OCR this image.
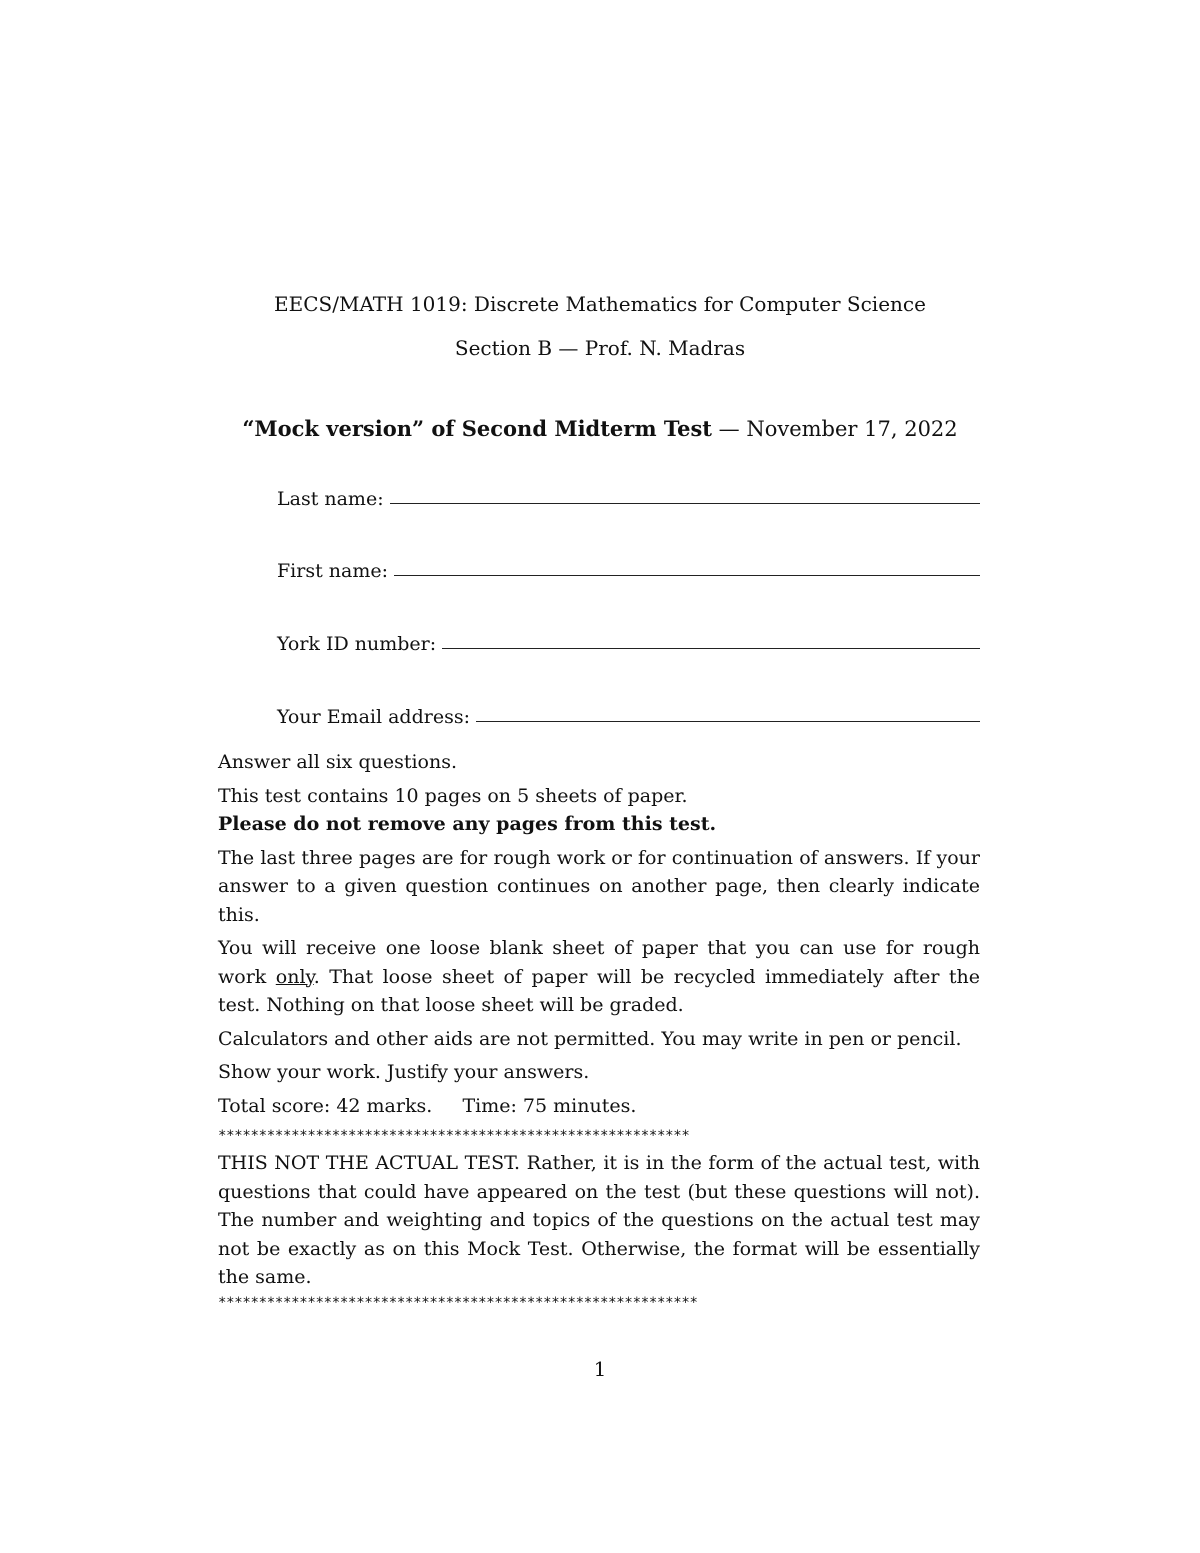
EECS/MATH 1019: Discrete Mathematics for Computer Science
Section B — Prof. N. Madras
“Mock version” of Second Midterm Test — November 17, 2022
Last name:
First name:
York ID number:
Your Email address:

Answer all six questions.

This test contains 10 pages on 5 sheets of paper.

Please do not remove any pages from this test.

The last three pages are for rough work or for continuation of answers. If your answer to a given question continues on another page, then clearly indicate this.

You will receive one loose blank sheet of paper that you can use for rough work only. That loose sheet of paper will be recycled immediately after the test. Nothing on that loose sheet will be graded.

Calculators and other aids are not permitted. You may write in pen or pencil.

Show your work. Justify your answers.

Total score: 42 marks. Time: 75 minutes.

**********************************************************

THIS NOT THE ACTUAL TEST. Rather, it is in the form of the actual test, with questions that could have appeared on the test (but these questions will not). The number and weighting and topics of the questions on the actual test may not be exactly as on this Mock Test. Otherwise, the format will be essentially the same.

***********************************************************
1
